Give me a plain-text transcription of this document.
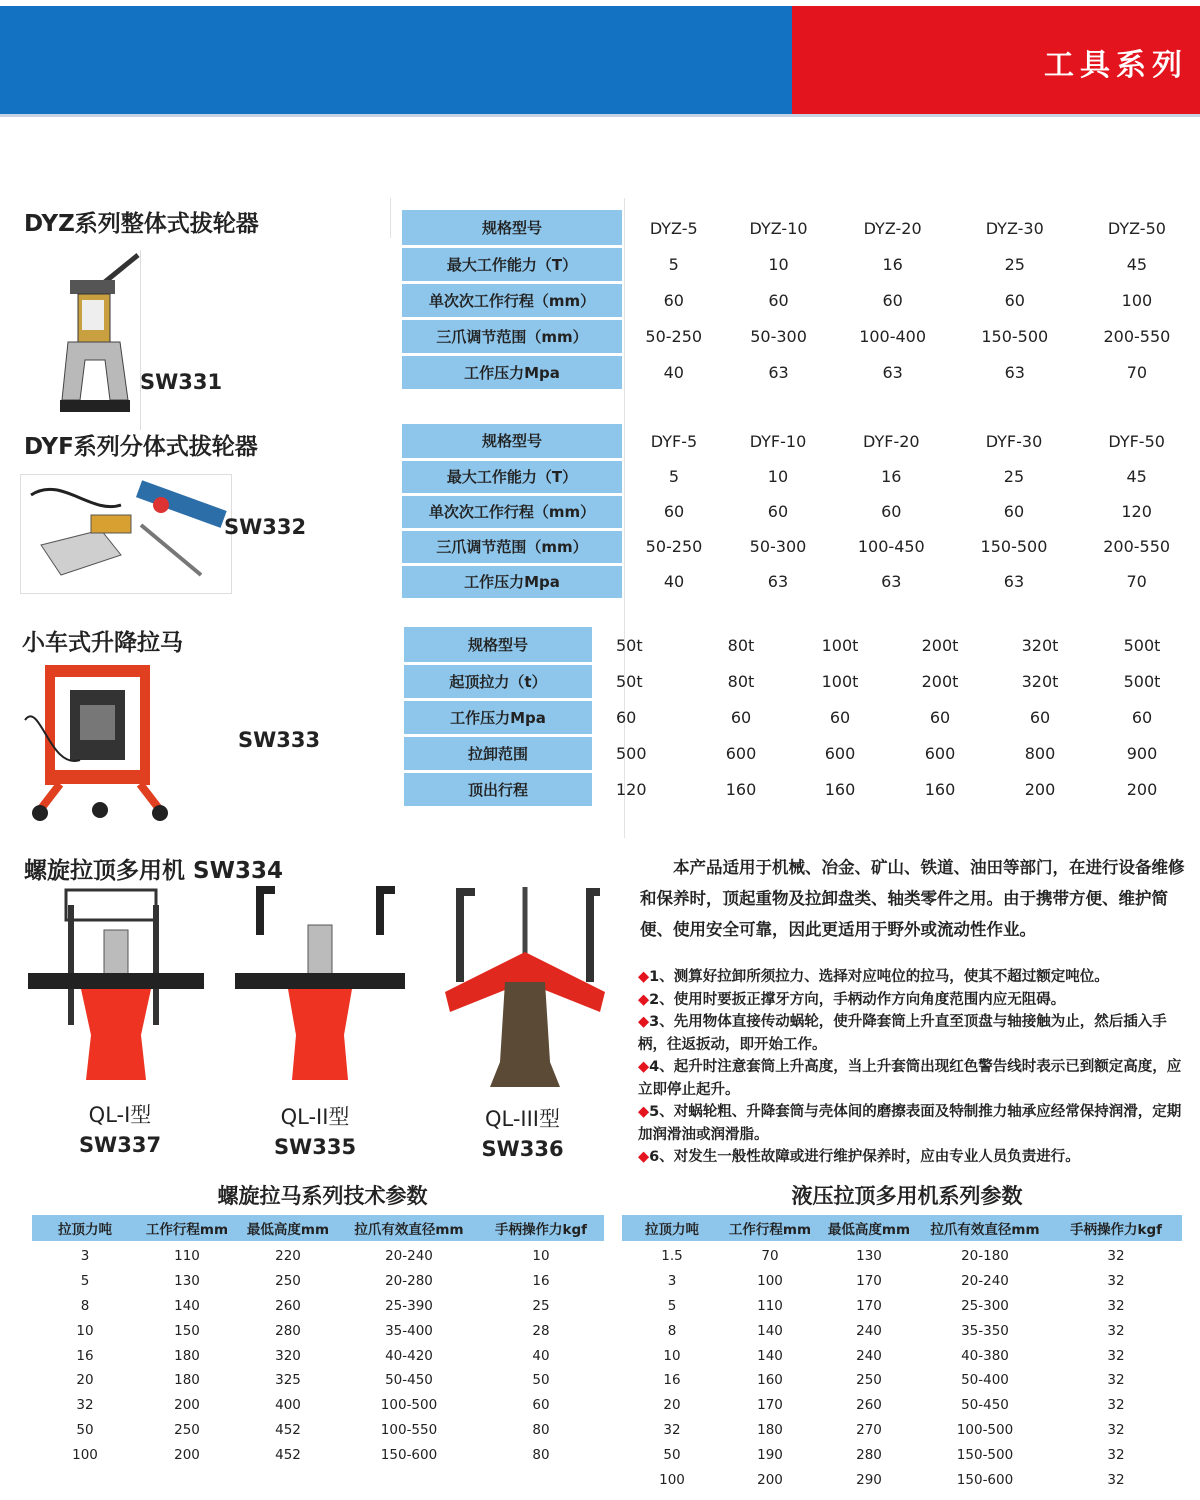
工具系列
DYZ系列整体式拔轮器
SW331
规格型号	DYZ-5	DYZ-10	DYZ-20	DYZ-30	DYZ-50
最大工作能力（T）	5	10	16	25	45
单次次工作行程（mm）	60	60	60	60	100
三爪调节范围（mm）	50-250	50-300	100-400	150-500	200-550
工作压力Mpa	40	63	63	63	70
DYF系列分体式拔轮器
SW332
规格型号	DYF-5	DYF-10	DYF-20	DYF-30	DYF-50
最大工作能力（T）	5	10	16	25	45
单次次工作行程（mm）	60	60	60	60	120
三爪调节范围（mm）	50-250	50-300	100-450	150-500	200-550
工作压力Mpa	40	63	63	63	70
小车式升降拉马
SW333
规格型号	50t	80t	100t	200t	320t	500t
起顶拉力（t）	50t	80t	100t	200t	320t	500t
工作压力Mpa	60	60	60	60	60	60
拉卸范围	500	600	600	600	800	900
顶出行程	120	160	160	160	200	200
螺旋拉顶多用机 SW334
QL-I型
SW337
QL-II型
SW335
QL-III型
SW336
本产品适用于机械、冶金、矿山、铁道、油田等部门，在进行设备维修和保养时，顶起重物及拉卸盘类、轴类零件之用。由于携带方便、维护简便、使用安全可靠，因此更适用于野外或流动性作业。
◆1、测算好拉卸所须拉力、选择对应吨位的拉马，使其不超过额定吨位。
◆2、使用时要扳正撑牙方向，手柄动作方向角度范围内应无阻碍。
◆3、先用物体直接传动蜗轮，使升降套筒上升直至顶盘与轴接触为止，然后插入手柄，往返扳动，即开始工作。
◆4、起升时注意套筒上升高度，当上升套筒出现红色警告线时表示已到额定高度，应立即停止起升。
◆5、对蜗轮粗、升降套筒与壳体间的磨擦表面及特制推力轴承应经常保持润滑，定期加润滑油或润滑脂。
◆6、对发生一般性故障或进行维护保养时，应由专业人员负责进行。
螺旋拉马系列技术参数	液压拉顶多用机系列参数
拉顶力吨	工作行程mm	最低高度mm	拉爪有效直径mm	手柄操作力kgf
3	110	220	20-240	10
5	130	250	20-280	16
8	140	260	25-390	25
10	150	280	35-400	28
16	180	320	40-420	40
20	180	325	50-450	50
32	200	400	100-500	60
50	250	452	100-550	80
100	200	452	150-600	80
拉顶力吨	工作行程mm	最低高度mm	拉爪有效直径mm	手柄操作力kgf
1.5	70	130	20-180	32
3	100	170	20-240	32
5	110	170	25-300	32
8	140	240	35-350	32
10	140	240	40-380	32
16	160	250	50-400	32
20	170	260	50-450	32
32	180	270	100-500	32
50	190	280	150-500	32
100	200	290	150-600	32
